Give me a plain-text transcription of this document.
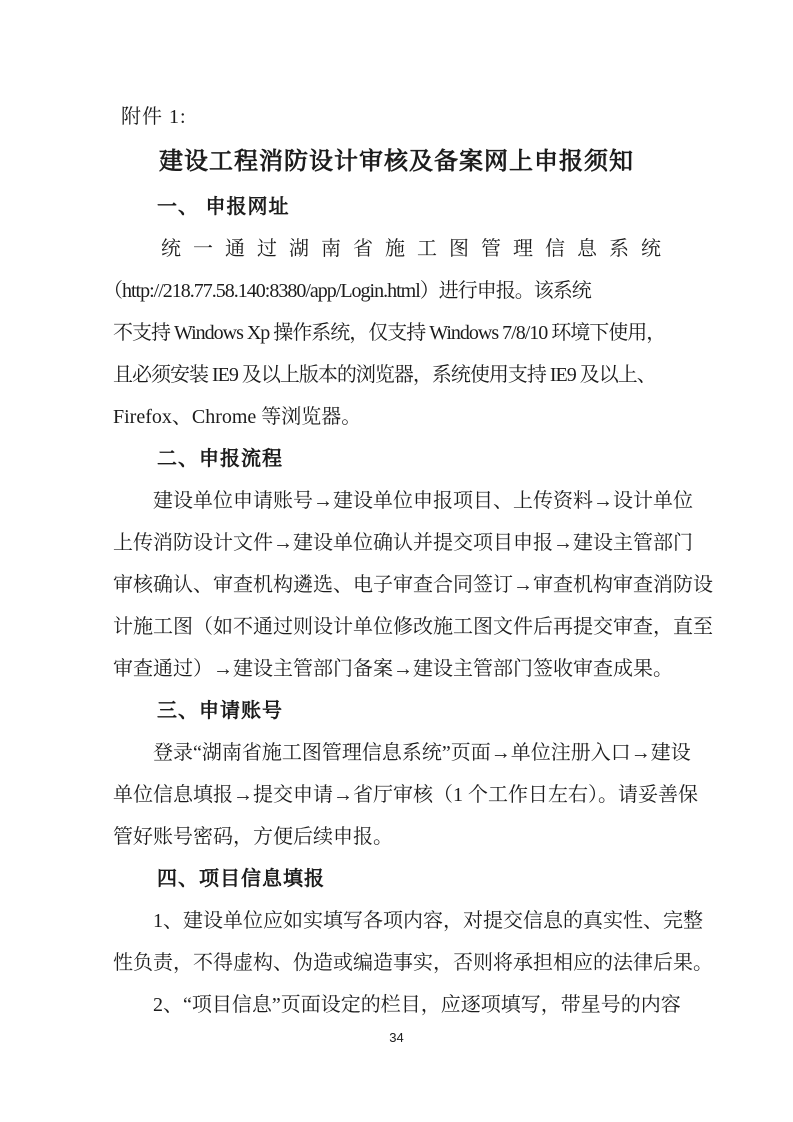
附件 1:
建设工程消防设计审核及备案网上申报须知
一、 申报网址
统一通过湖南省施工图管理信息系统
（http://218.77.58.140:8380/app/Login.html）进行申报。该系统
不支持 Windows Xp 操作系统，仅支持 Windows 7/8/10 环境下使用，
且必须安装 IE9 及以上版本的浏览器，系统使用支持 IE9 及以上、
Firefox、Chrome 等浏览器。
二、申报流程
建设单位申请账号→建设单位申报项目、上传资料→设计单位
上传消防设计文件→建设单位确认并提交项目申报→建设主管部门
审核确认、审查机构遴选、电子审查合同签订→审查机构审查消防设
计施工图（如不通过则设计单位修改施工图文件后再提交审查，直至
审查通过）→建设主管部门备案→建设主管部门签收审查成果。
三、申请账号
登录“湖南省施工图管理信息系统”页面→单位注册入口→建设
单位信息填报→提交申请→省厅审核（1 个工作日左右）。请妥善保
管好账号密码，方便后续申报。
四、项目信息填报
1、建设单位应如实填写各项内容，对提交信息的真实性、完整
性负责，不得虚构、伪造或编造事实，否则将承担相应的法律后果。
2、“项目信息”页面设定的栏目，应逐项填写，带星号的内容
34
